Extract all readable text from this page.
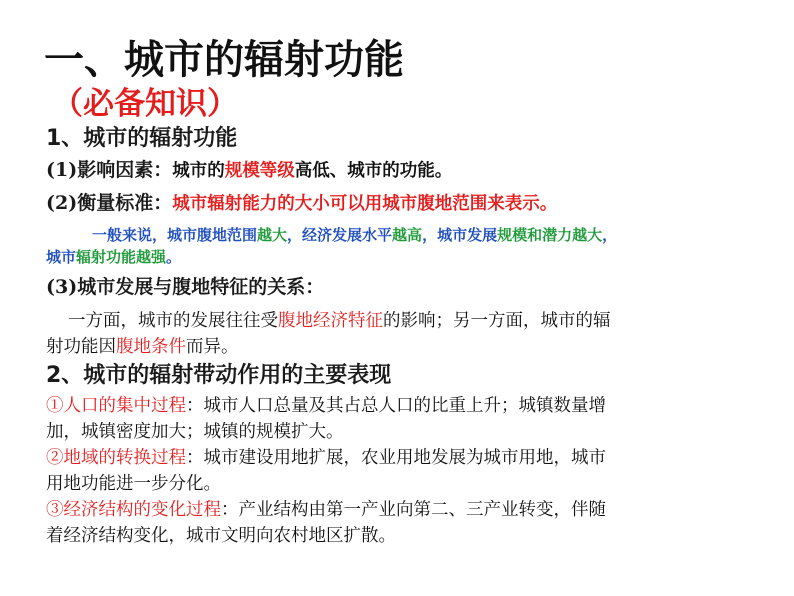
一、城市的辐射功能
（必备知识）
1、城市的辐射功能
(1)影响因素：城市的规模等级高低、城市的功能。
(2)衡量标准：城市辐射能力的大小可以用城市腹地范围来表示。
一般来说，城市腹地范围越大，经济发展水平越高，城市发展规模和潜力越大，
城市辐射功能越强。
(3)城市发展与腹地特征的关系：
一方面，城市的发展往往受腹地经济特征的影响；另一方面，城市的辐
射功能因腹地条件而异。
2、城市的辐射带动作用的主要表现
①人口的集中过程：城市人口总量及其占总人口的比重上升；城镇数量增
加，城镇密度加大；城镇的规模扩大。
②地域的转换过程：城市建设用地扩展，农业用地发展为城市用地，城市
用地功能进一步分化。
③经济结构的变化过程：产业结构由第一产业向第二、三产业转变，伴随
着经济结构变化，城市文明向农村地区扩散。
